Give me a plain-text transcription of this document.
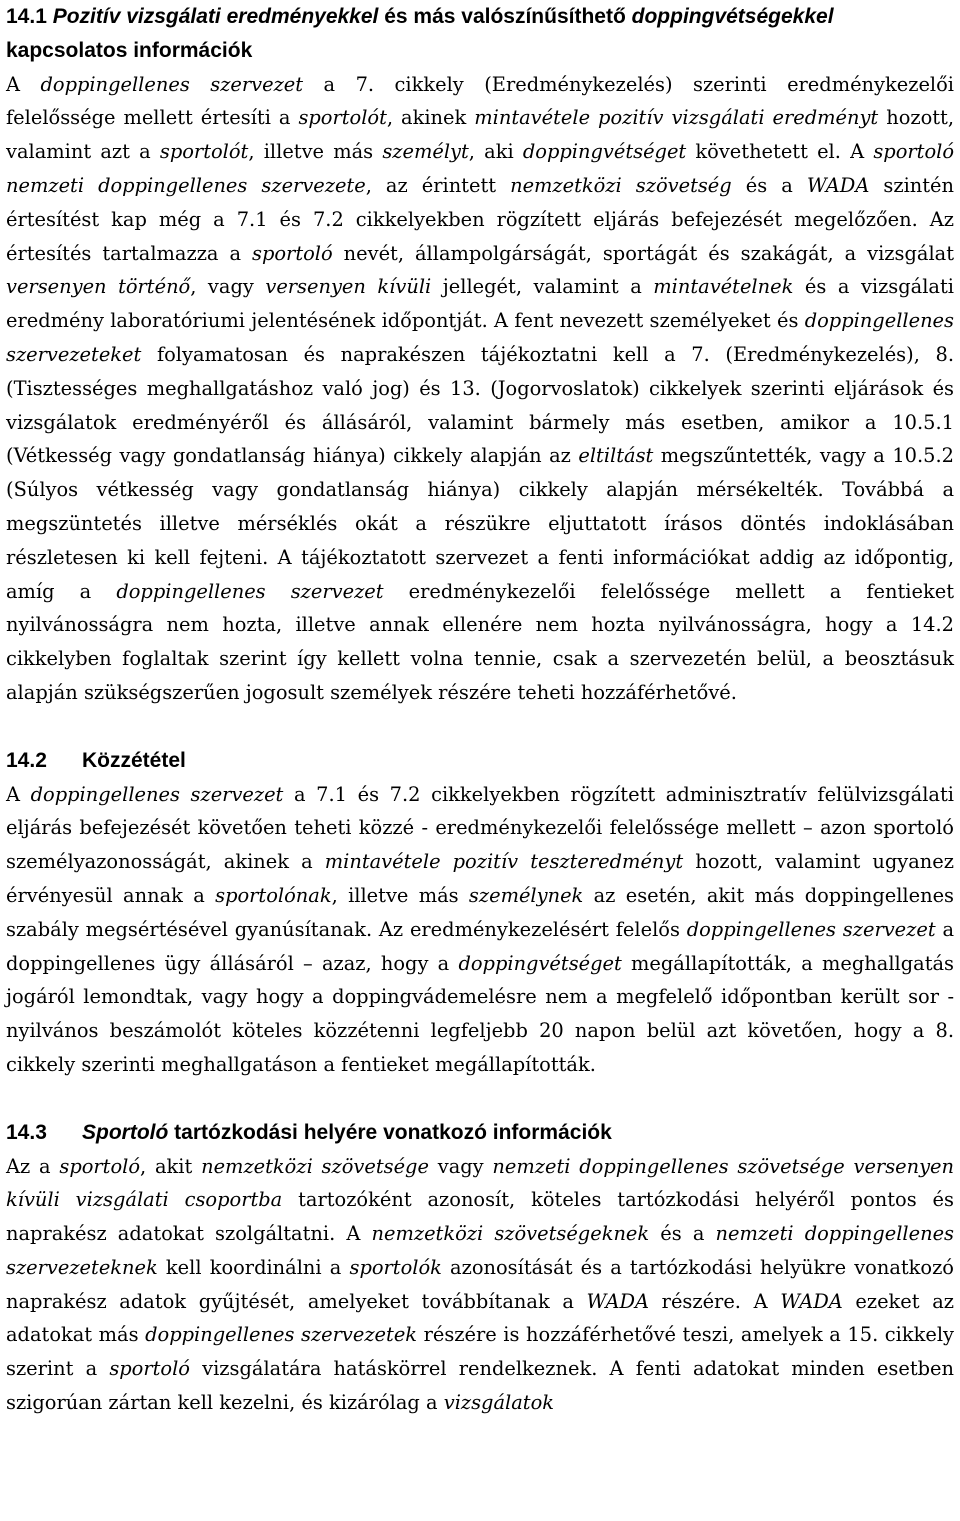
14.1 Pozitív vizsgálati eredményekkel és más valószínűsíthető doppingvétségekkel kapcsolatos információk

A doppingellenes szervezet a 7. cikkely (Eredménykezelés) szerinti eredménykezelői felelőssége mellett értesíti a sportolót, akinek mintavétele pozitív vizsgálati eredményt hozott, valamint azt a sportolót, illetve más személyt, aki doppingvétséget követhetett el. A sportoló nemzeti doppingellenes szervezete, az érintett nemzetközi szövetség és a WADA szintén értesítést kap még a 7.1 és 7.2 cikkelyekben rögzített eljárás befejezését megelőzően. Az értesítés tartalmazza a sportoló nevét, állampolgárságát, sportágát és szakágát, a vizsgálat versenyen történő, vagy versenyen kívüli jellegét, valamint a mintavételnek és a vizsgálati eredmény laboratóriumi jelentésének időpontját. A fent nevezett személyeket és doppingellenes szervezeteket folyamatosan és naprakészen tájékoztatni kell a 7. (Eredménykezelés), 8. (Tisztességes meghallgatáshoz való jog) és 13. (Jogorvoslatok) cikkelyek szerinti eljárások és vizsgálatok eredményéről és állásáról, valamint bármely más esetben, amikor a 10.5.1 (Vétkesség vagy gondatlanság hiánya) cikkely alapján az eltiltást megszűntették, vagy a 10.5.2 (Súlyos vétkesség vagy gondatlanság hiánya) cikkely alapján mérsékelték. Továbbá a megszüntetés illetve mérséklés okát a részükre eljuttatott írásos döntés indoklásában részletesen ki kell fejteni. A tájékoztatott szervezet a fenti információkat addig az időpontig, amíg a doppingellenes szervezet eredménykezelői felelőssége mellett a fentieket nyilvánosságra nem hozta, illetve annak ellenére nem hozta nyilvánosságra, hogy a 14.2 cikkelyben foglaltak szerint így kellett volna tennie, csak a szervezetén belül, a beosztásuk alapján szükségszerűen jogosult személyek részére teheti hozzáférhetővé.

14.2 Közzététel

A doppingellenes szervezet a 7.1 és 7.2 cikkelyekben rögzített adminisztratív felülvizsgálati eljárás befejezését követően teheti közzé - eredménykezelői felelőssége mellett – azon sportoló személyazonosságát, akinek a mintavétele pozitív teszteredményt hozott, valamint ugyanez érvényesül annak a sportolónak, illetve más személynek az esetén, akit más doppingellenes szabály megsértésével gyanúsítanak. Az eredménykezelésért felelős doppingellenes szervezet a doppingellenes ügy állásáról – azaz, hogy a doppingvétséget megállapították, a meghallgatás jogáról lemondtak, vagy hogy a doppingvádemelésre nem a megfelelő időpontban került sor - nyilvános beszámolót köteles közzétenni legfeljebb 20 napon belül azt követően, hogy a 8. cikkely szerinti meghallgatáson a fentieket megállapították.

14.3 Sportoló tartózkodási helyére vonatkozó információk

Az a sportoló, akit nemzetközi szövetsége vagy nemzeti doppingellenes szövetsége versenyen kívüli vizsgálati csoportba tartozóként azonosít, köteles tartózkodási helyéről pontos és naprakész adatokat szolgáltatni. A nemzetközi szövetségeknek és a nemzeti doppingellenes szervezeteknek kell koordinálni a sportolók azonosítását és a tartózkodási helyükre vonatkozó naprakész adatok gyűjtését, amelyeket továbbítanak a WADA részére. A WADA ezeket az adatokat más doppingellenes szervezetek részére is hozzáférhetővé teszi, amelyek a 15. cikkely szerint a sportoló vizsgálatára hatáskörrel rendelkeznek. A fenti adatokat minden esetben szigorúan zártan kell kezelni, és kizárólag a vizsgálatok
